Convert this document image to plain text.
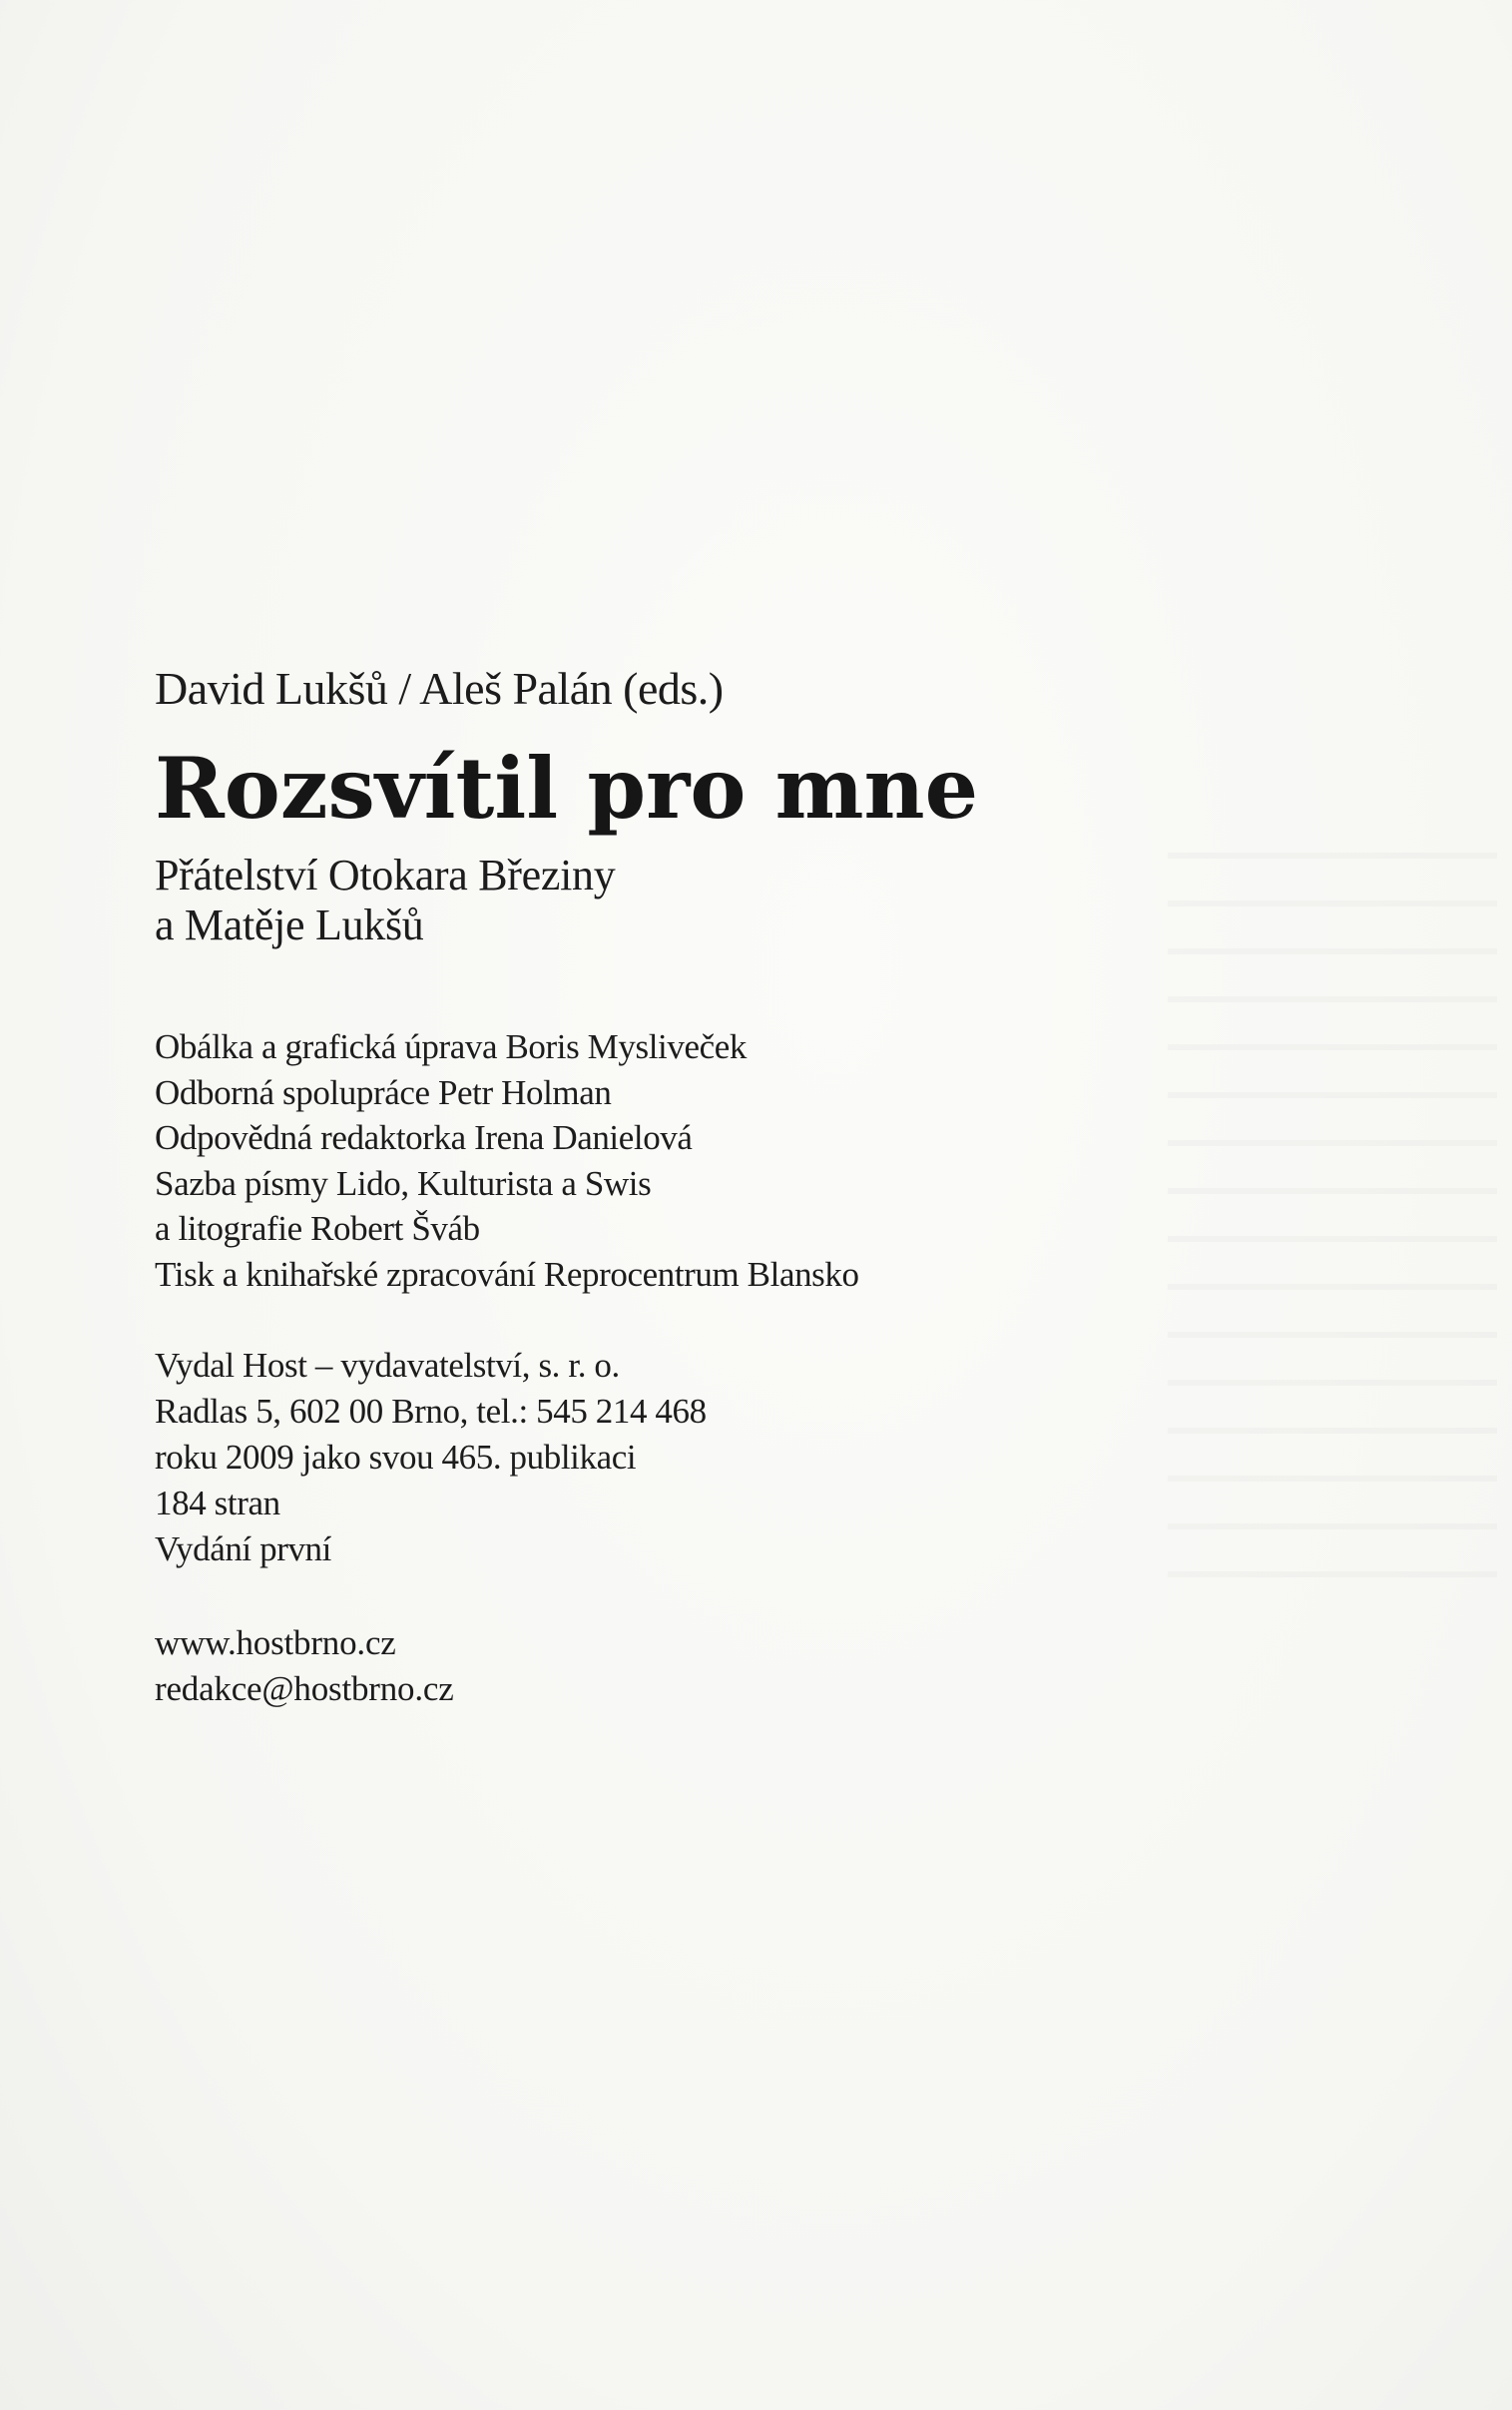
David Lukšů / Aleš Palán (eds.)

Rozsvítil pro mne
Přátelství Otokara Březiny
a Matěje Lukšů
Obálka a grafická úprava Boris Mysliveček
Odborná spolupráce Petr Holman
Odpovědná redaktorka Irena Danielová
Sazba písmy Lido, Kulturista a Swis
a litografie Robert Šváb
Tisk a knihařské zpracování Reprocentrum Blansko
Vydal Host – vydavatelství, s. r. o.
Radlas 5, 602 00 Brno, tel.: 545 214 468
roku 2009 jako svou 465. publikaci
184 stran
Vydání první
www.hostbrno.cz
redakce@hostbrno.cz
